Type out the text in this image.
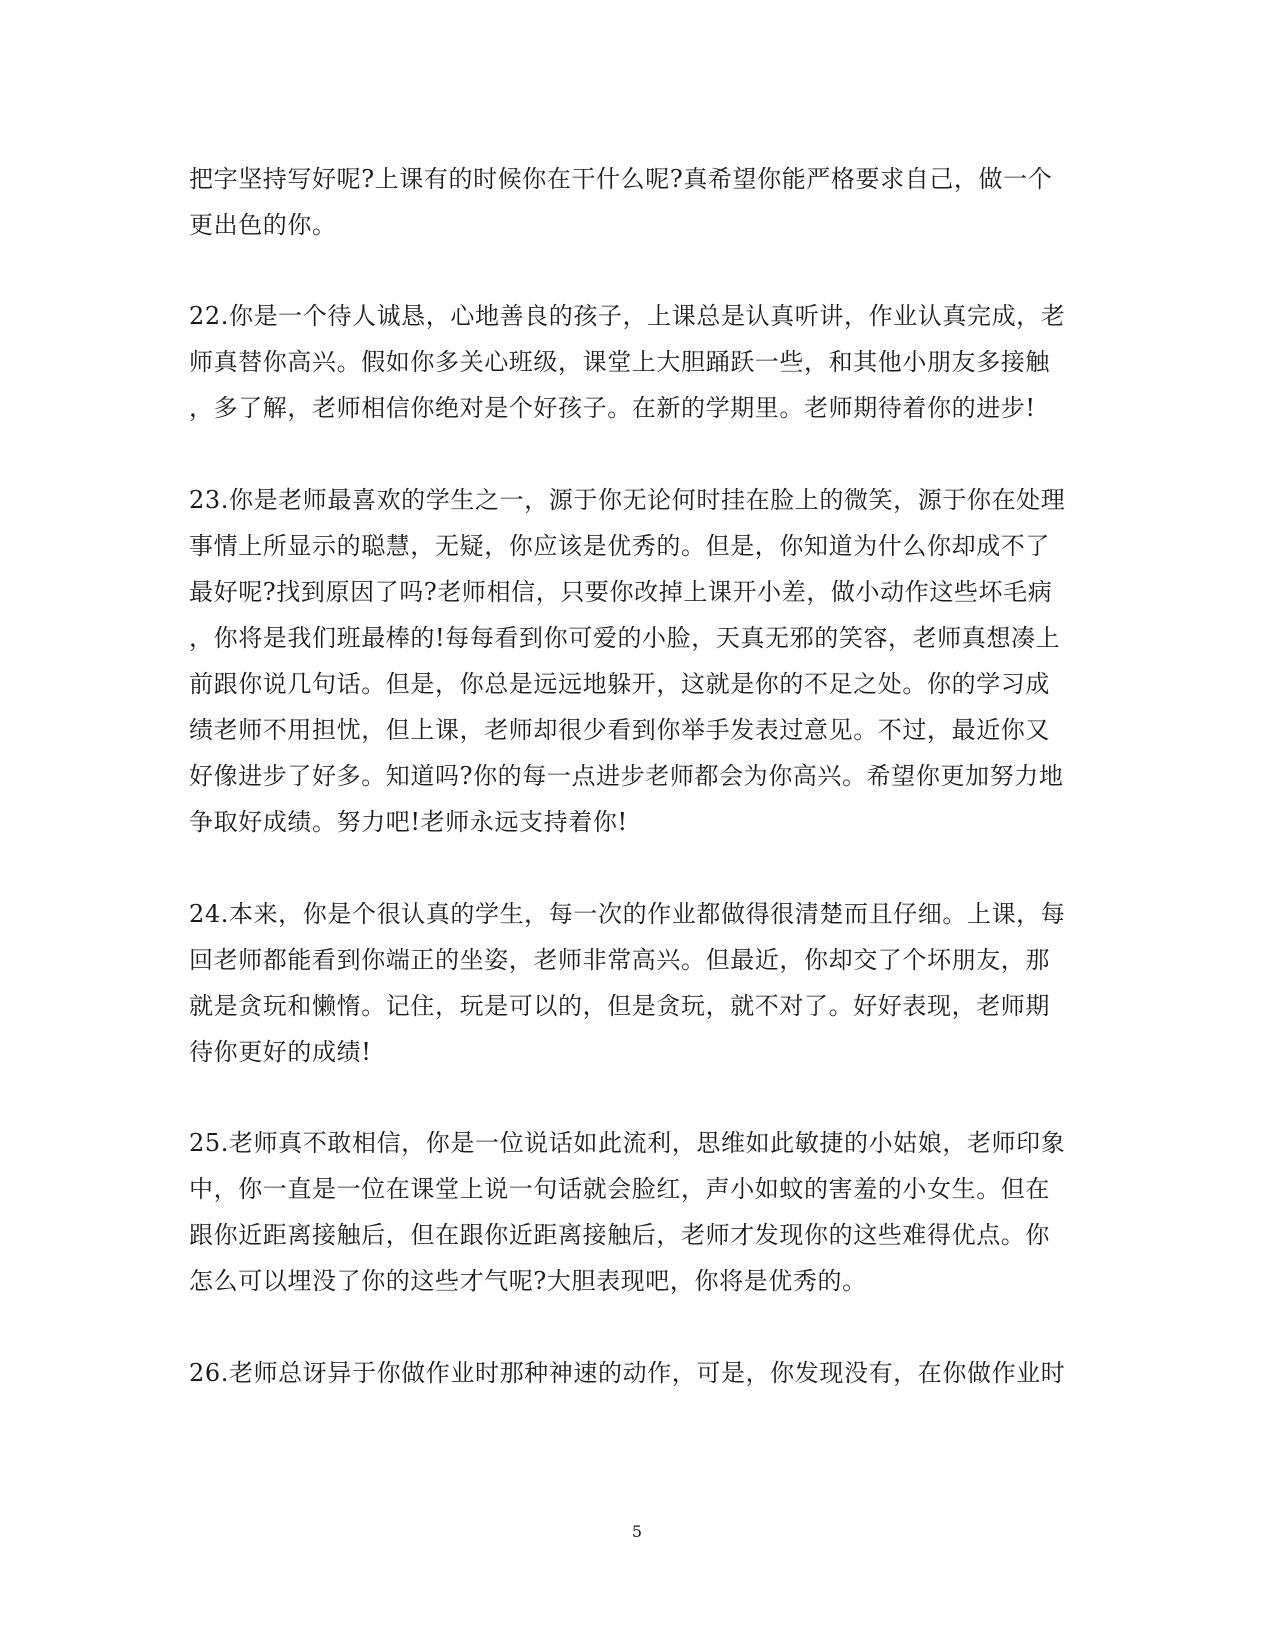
把字坚持写好呢?上课有的时候你在干什么呢?真希望你能严格要求自己，做一个
更出色的你。
22.你是一个待人诚恳，心地善良的孩子，上课总是认真听讲，作业认真完成，老
师真替你高兴。假如你多关心班级，课堂上大胆踊跃一些，和其他小朋友多接触
，多了解，老师相信你绝对是个好孩子。在新的学期里。老师期待着你的进步!
23.你是老师最喜欢的学生之一，源于你无论何时挂在脸上的微笑，源于你在处理
事情上所显示的聪慧，无疑，你应该是优秀的。但是，你知道为什么你却成不了
最好呢?找到原因了吗?老师相信，只要你改掉上课开小差，做小动作这些坏毛病
，你将是我们班最棒的!每每看到你可爱的小脸，天真无邪的笑容，老师真想凑上
前跟你说几句话。但是，你总是远远地躲开，这就是你的不足之处。你的学习成
绩老师不用担忧，但上课，老师却很少看到你举手发表过意见。不过，最近你又
好像进步了好多。知道吗?你的每一点进步老师都会为你高兴。希望你更加努力地
争取好成绩。努力吧!老师永远支持着你!
24.本来，你是个很认真的学生，每一次的作业都做得很清楚而且仔细。上课，每
回老师都能看到你端正的坐姿，老师非常高兴。但最近，你却交了个坏朋友，那
就是贪玩和懒惰。记住，玩是可以的，但是贪玩，就不对了。好好表现，老师期
待你更好的成绩!
25.老师真不敢相信，你是一位说话如此流利，思维如此敏捷的小姑娘，老师印象
中，你一直是一位在课堂上说一句话就会脸红，声小如蚊的害羞的小女生。但在
跟你近距离接触后，但在跟你近距离接触后，老师才发现你的这些难得优点。你
怎么可以埋没了你的这些才气呢?大胆表现吧，你将是优秀的。
26.老师总讶异于你做作业时那种神速的动作，可是，你发现没有，在你做作业时
5
